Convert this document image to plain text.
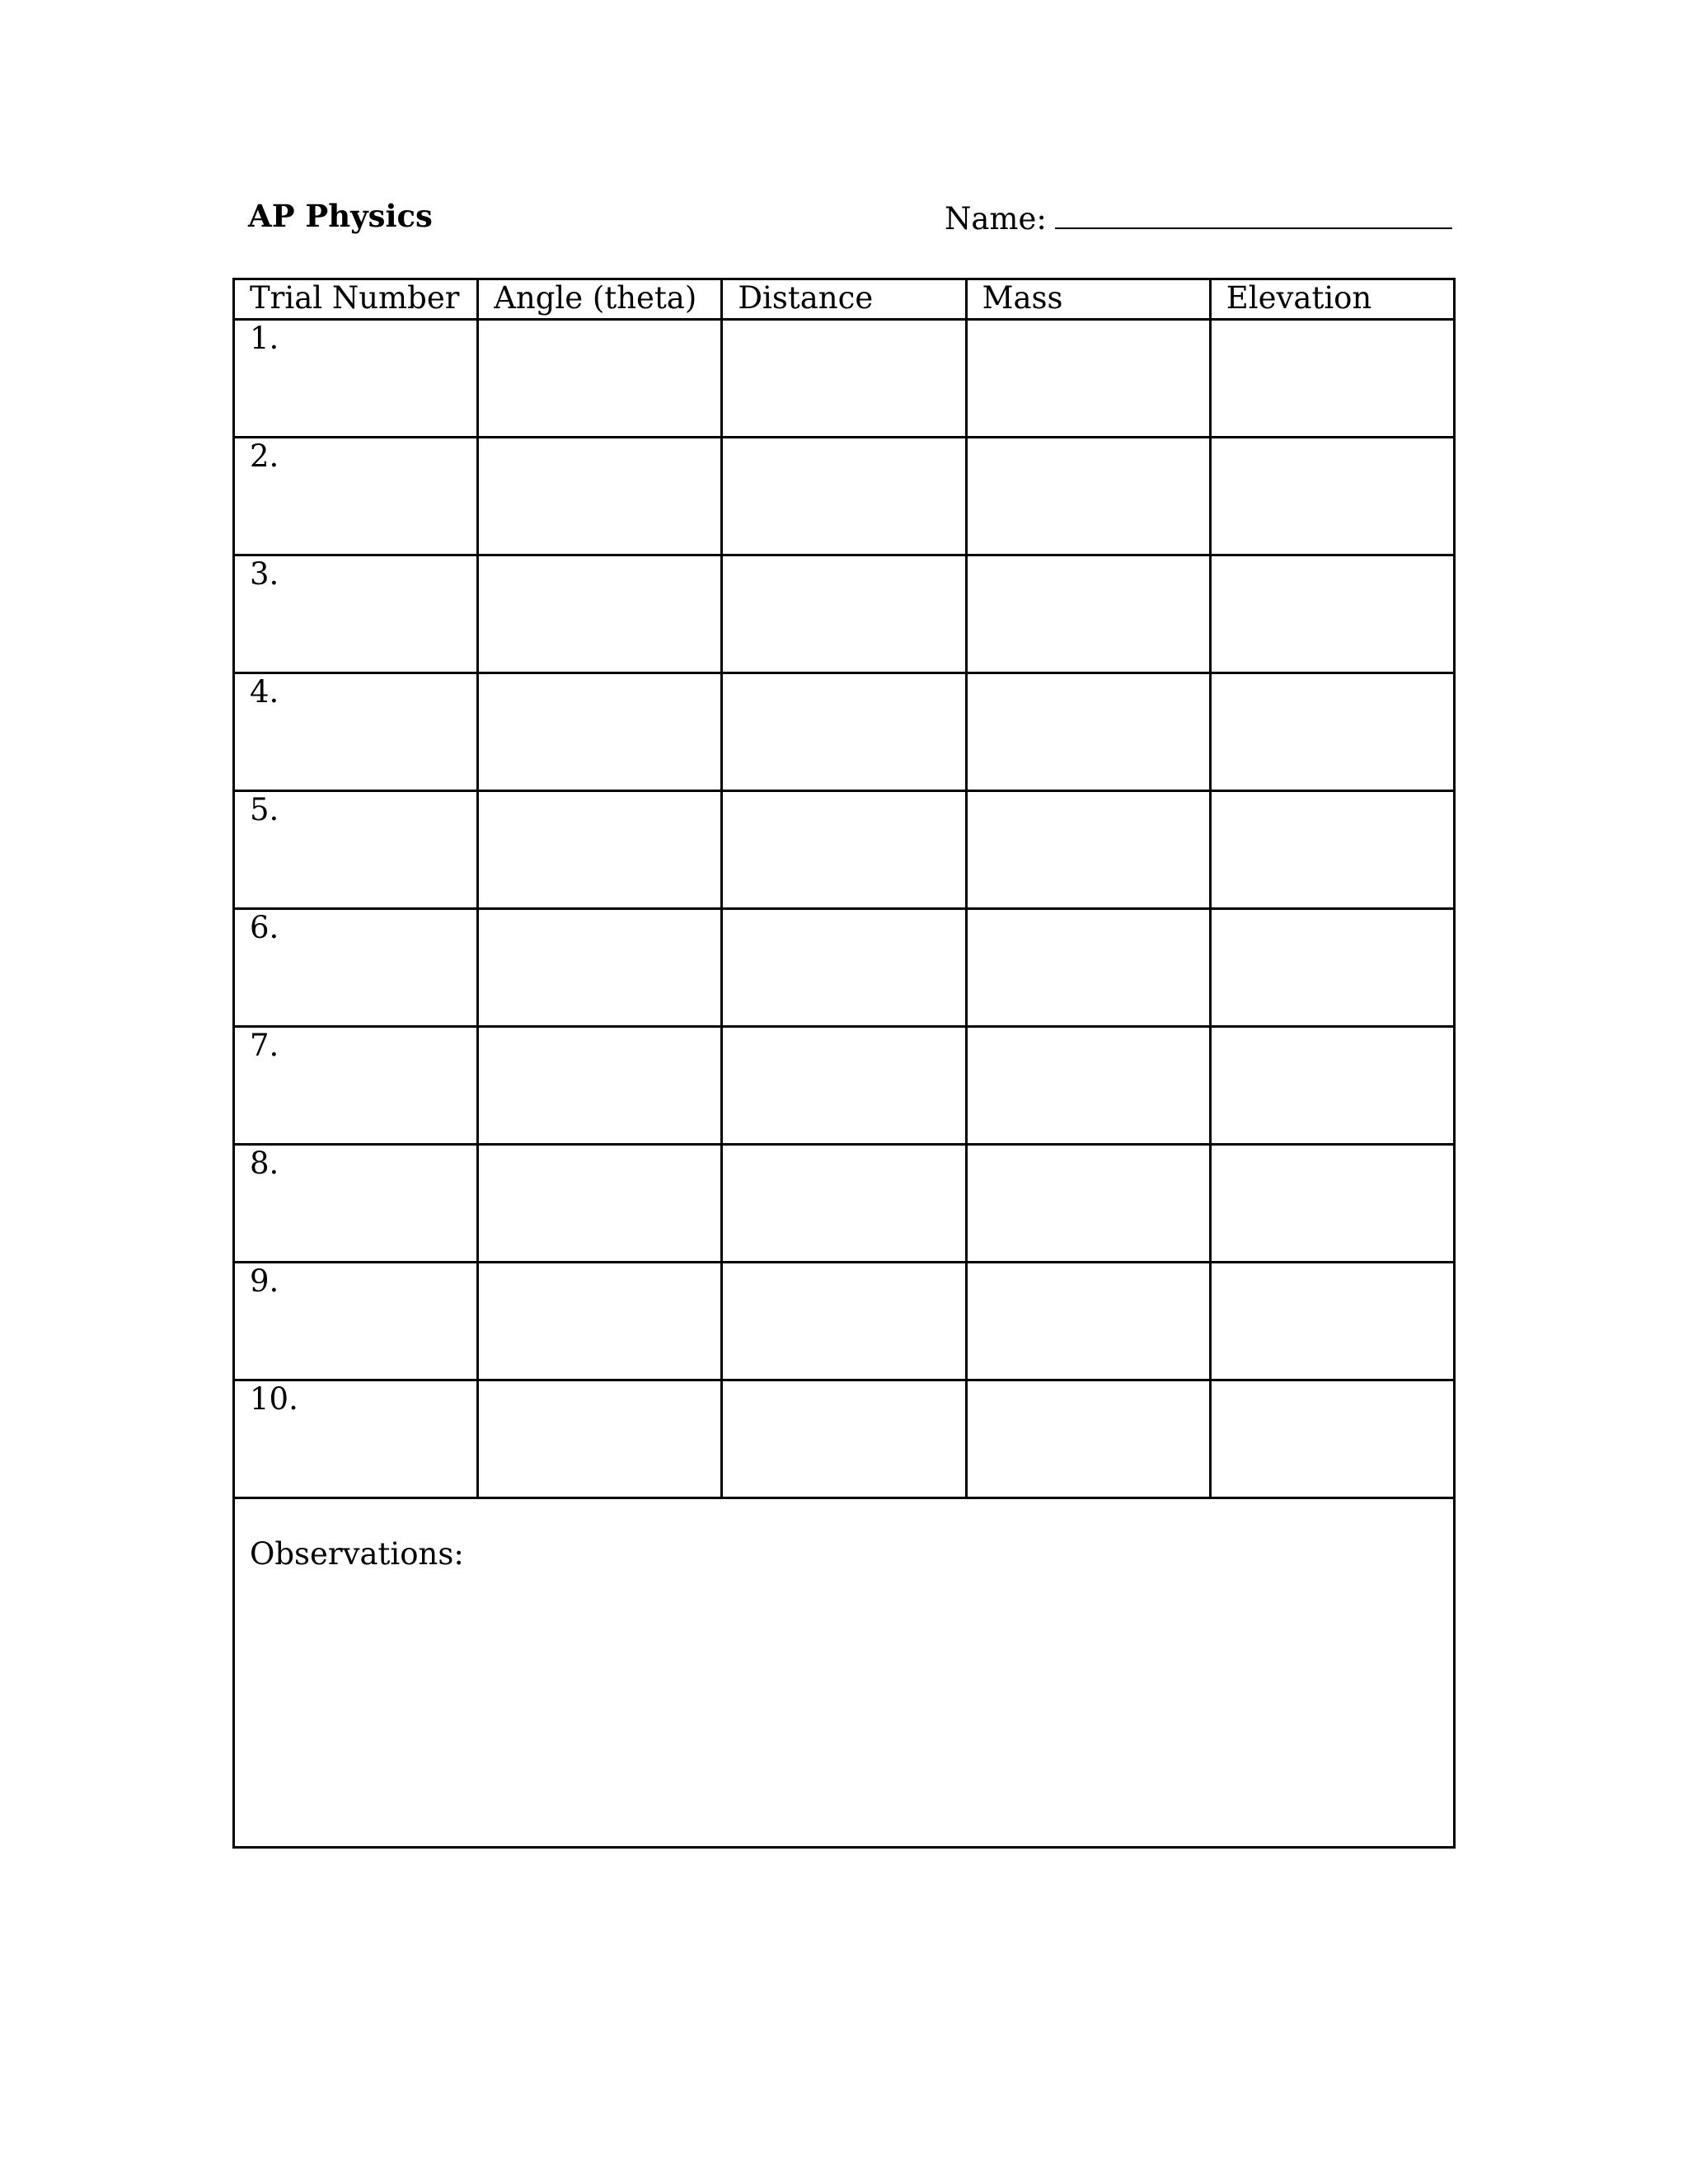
AP Physics	Name:
Trial Number	Angle (theta)	Distance	Mass	Elevation
1.				
2.				
3.				
4.				
5.				
6.				
7.				
8.				
9.				
10.				
Observations:				
